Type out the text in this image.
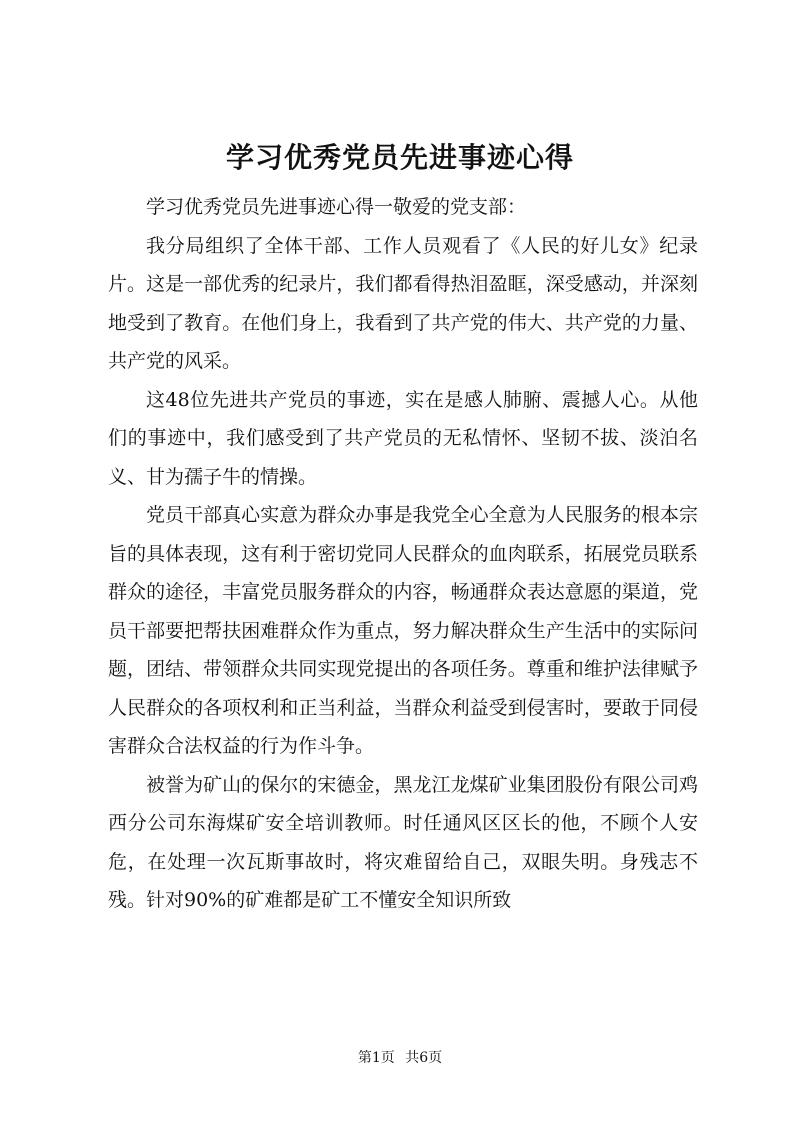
学习优秀党员先进事迹心得

学习优秀党员先进事迹心得一敬爱的党支部：

我分局组织了全体干部、工作人员观看了《人民的好儿女》纪录片。这是一部优秀的纪录片，我们都看得热泪盈眶，深受感动，并深刻地受到了教育。在他们身上，我看到了共产党的伟大、共产党的力量、共产党的风采。

这48位先进共产党员的事迹，实在是感人肺腑、震撼人心。从他们的事迹中，我们感受到了共产党员的无私情怀、坚韧不拔、淡泊名义、甘为孺子牛的情操。

党员干部真心实意为群众办事是我党全心全意为人民服务的根本宗旨的具体表现，这有利于密切党同人民群众的血肉联系，拓展党员联系群众的途径，丰富党员服务群众的内容，畅通群众表达意愿的渠道，党员干部要把帮扶困难群众作为重点，努力解决群众生产生活中的实际问题，团结、带领群众共同实现党提出的各项任务。尊重和维护法律赋予人民群众的各项权利和正当利益，当群众利益受到侵害时，要敢于同侵害群众合法权益的行为作斗争。

被誉为矿山的保尔的宋德金，黑龙江龙煤矿业集团股份有限公司鸡西分公司东海煤矿安全培训教师。时任通风区区长的他，不顾个人安危，在处理一次瓦斯事故时，将灾难留给自己，双眼失明。身残志不残。针对90%的矿难都是矿工不懂安全知识所致

第1页 共6页
